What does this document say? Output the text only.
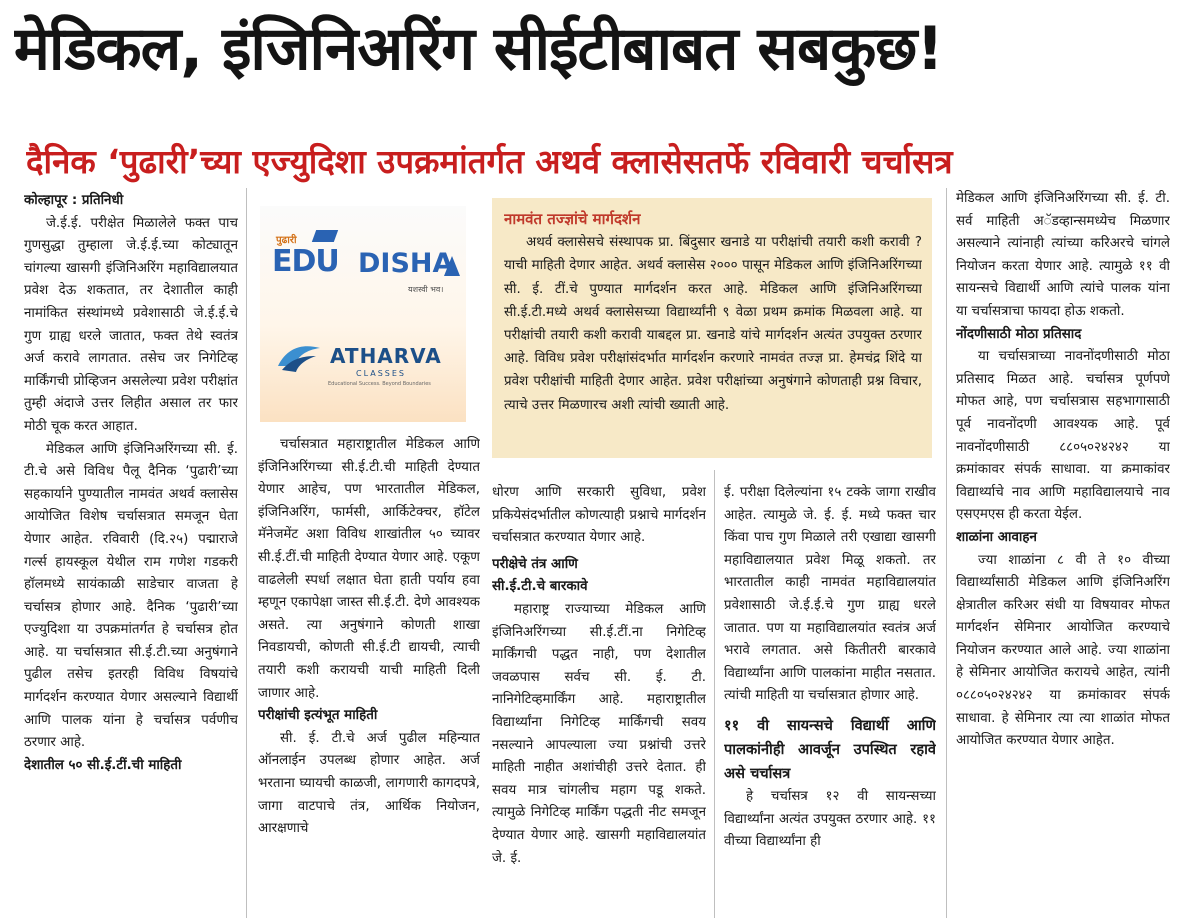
मेडिकल, इंजिनिअरिंग सीईटीबाबत सबकुछ!
दैनिक ‘पुढारी’च्या एज्युदिशा उपक्रमांतर्गत अथर्व क्लासेसतर्फे रविवारी चर्चासत्र

कोल्हापूर : प्रतिनिधी

जे.ई.ई. परीक्षेत मिळालेले फक्त पाच गुणसुद्धा तुम्हाला जे.ई.ई.च्या कोट्यातून चांगल्या खासगी इंजिनिअरिंग महाविद्यालयात प्रवेश देऊ शकतात, तर देशातील काही नामांकित संस्थांमध्ये प्रवेशासाठी जे.ई.ई.चे गुण ग्राह्य धरले जातात, फक्त तेथे स्वतंत्र अर्ज करावे लागतात. तसेच जर निगेटिव्ह मार्किंगची प्रोव्हिजन असलेल्या प्रवेश परीक्षांत तुम्ही अंदाजे उत्तर लिहीत असाल तर फार मोठी चूक करत आहात.

मेडिकल आणि इंजिनिअरिंगच्या सी. ई. टी.चे असे विविध पैलू दैनिक ‘पुढारी’च्या सहकार्याने पुण्यातील नामवंत अथर्व क्लासेस आयोजित विशेष चर्चासत्रात समजून घेता येणार आहेत. रविवारी (दि.२५) पद्माराजे गर्ल्स हायस्कूल येथील राम गणेश गडकरी हॉलमध्ये सायंकाळी साडेचार वाजता हे चर्चासत्र होणार आहे. दैनिक ‘पुढारी’च्या एज्युदिशा या उपक्रमांतर्गत हे चर्चासत्र होत आहे. या चर्चासत्रात सी.ई.टी.च्या अनुषंगाने पुढील तसेच इतरही विविध विषयांचे मार्गदर्शन करण्यात येणार असल्याने विद्यार्थी आणि पालक यांना हे चर्चासत्र पर्वणीच ठरणार आहे.

देशातील ५० सी.ई.टीं.ची माहिती

पुढारी
EDU DISHA
यशस्वी भव।
ATHARVA
CLASSES
Educational Success. Beyond Boundaries

चर्चासत्रात महाराष्ट्रातील मेडिकल आणि इंजिनिअरिंगच्या सी.ई.टी.ची माहिती देण्यात येणार आहेच, पण भारतातील मेडिकल, इंजिनिअरिंग, फार्मसी, आर्किटेक्चर, हॉटेल मॅनेजमेंट अशा विविध शाखांतील ५० च्यावर सी.ई.टीं.ची माहिती देण्यात येणार आहे. एकूण वाढलेली स्पर्धा लक्षात घेता हाती पर्याय हवा म्हणून एकापेक्षा जास्त सी.ई.टी. देणे आवश्यक असते. त्या अनुषंगाने कोणती शाखा निवडायची, कोणती सी.ई.टी द्यायची, त्याची तयारी कशी करायची याची माहिती दिली जाणार आहे.

परीक्षांची इत्यंभूत माहिती

सी. ई. टी.चे अर्ज पुढील महिन्यात ऑनलाईन उपलब्ध होणार आहेत. अर्ज भरताना घ्यायची काळजी, लागणारी कागदपत्रे, जागा वाटपाचे तंत्र, आर्थिक नियोजन, आरक्षणाचे

नामवंत तज्ज्ञांचे मार्गदर्शन

अथर्व क्लासेसचे संस्थापक प्रा. बिंदुसार खनाडे या परीक्षांची तयारी कशी करावी ? याची माहिती देणार आहेत. अथर्व क्लासेस २००० पासून मेडिकल आणि इंजिनिअरिंगच्या सी. ई. टीं.चे पुण्यात मार्गदर्शन करत आहे. मेडिकल आणि इंजिनिअरिंगच्या सी.ई.टी.मध्ये अथर्व क्लासेसच्या विद्यार्थ्यांनी ९ वेळा प्रथम क्रमांक मिळवला आहे. या परीक्षांची तयारी कशी करावी याबद्दल प्रा. खनाडे यांचे मार्गदर्शन अत्यंत उपयुक्त ठरणार आहे. विविध प्रवेश परीक्षांसंदर्भात मार्गदर्शन करणारे नामवंत तज्ज्ञ प्रा. हेमचंद्र शिंदे या प्रवेश परीक्षांची माहिती देणार आहेत. प्रवेश परीक्षांच्या अनुषंगाने कोणताही प्रश्न विचार, त्याचे उत्तर मिळणारच अशी त्यांची ख्याती आहे.

धोरण आणि सरकारी सुविधा, प्रवेश प्रकियेसंदर्भातील कोणत्याही प्रश्नाचे मार्गदर्शन चर्चासत्रात करण्यात येणार आहे.

परीक्षेचे तंत्र आणि

सी.ई.टी.चे बारकावे

महाराष्ट्र राज्याच्या मेडिकल आणि इंजिनिअरिंगच्या सी.ई.टीं.ना निगेटिव्ह मार्किंगची पद्धत नाही, पण देशातील जवळपास सर्वच सी. ई. टी. नानिगेटिव्हमार्किंग आहे. महाराष्ट्रातील विद्यार्थ्यांना निगेटिव्ह मार्किंगची सवय नसल्याने आपल्याला ज्या प्रश्नांची उत्तरे माहिती नाहीत अशांचीही उत्तरे देतात. ही सवय मात्र चांगलीच महाग पडू शकते. त्यामुळे निगेटिव्ह मार्किंग पद्धती नीट समजून देण्यात येणार आहे. खासगी महाविद्यालयांत जे. ई.

ई. परीक्षा दिलेल्यांना १५ टक्के जागा राखीव आहेत. त्यामुळे जे. ई. ई. मध्ये फक्त चार किंवा पाच गुण मिळाले तरी एखाद्या खासगी महाविद्यालयात प्रवेश मिळू शकतो. तर भारतातील काही नामवंत महाविद्यालयांत प्रवेशासाठी जे.ई.ई.चे गुण ग्राह्य धरले जातात. पण या महाविद्यालयांत स्वतंत्र अर्ज भरावे लगतात. असे कितीतरी बारकावे विद्यार्थ्यांना आणि पालकांना माहीत नसतात. त्यांची माहिती या चर्चासत्रात होणार आहे.

११ वी सायन्सचे विद्यार्थी आणि पालकांनीही आवर्जून उपस्थित रहावे असे चर्चासत्र

हे चर्चासत्र १२ वी सायन्सच्या विद्यार्थ्यांना अत्यंत उपयुक्त ठरणार आहे. ११ वीच्या विद्यार्थ्यांना ही

मेडिकल आणि इंजिनिअरिंगच्या सी. ई. टी. सर्व माहिती अॅडव्हान्समध्येच मिळणार असल्याने त्यांनाही त्यांच्या करिअरचे चांगले नियोजन करता येणार आहे. त्यामुळे ११ वी सायन्सचे विद्यार्थी आणि त्यांचे पालक यांना या चर्चासत्राचा फायदा होऊ शकतो.

नोंदणीसाठी मोठा प्रतिसाद

या चर्चासत्राच्या नावनोंदणीसाठी मोठा प्रतिसाद मिळत आहे. चर्चासत्र पूर्णपणे मोफत आहे, पण चर्चासत्रास सहभागासाठी पूर्व नावनोंदणी आवश्यक आहे. पूर्व नावनोंदणीसाठी ८८०५०२४२४२ या क्रमांकावर संपर्क साधावा. या क्रमाकांवर विद्यार्थ्याचे नाव आणि महाविद्यालयाचे नाव एसएमएस ही करता येईल.

शाळांना आवाहन

ज्या शाळांना ८ वी ते १० वीच्या विद्यार्थ्यांसाठी मेडिकल आणि इंजिनिअरिंग क्षेत्रातील करिअर संधी या विषयावर मोफत मार्गदर्शन सेमिनार आयोजित करण्याचे नियोजन करण्यात आले आहे. ज्या शाळांना हे सेमिनार आयोजित करायचे आहेत, त्यांनी ०८८०५०२४२४२ या क्रमांकावर संपर्क साधावा. हे सेमिनार त्या त्या शाळांत मोफत आयोजित करण्यात येणार आहेत.
